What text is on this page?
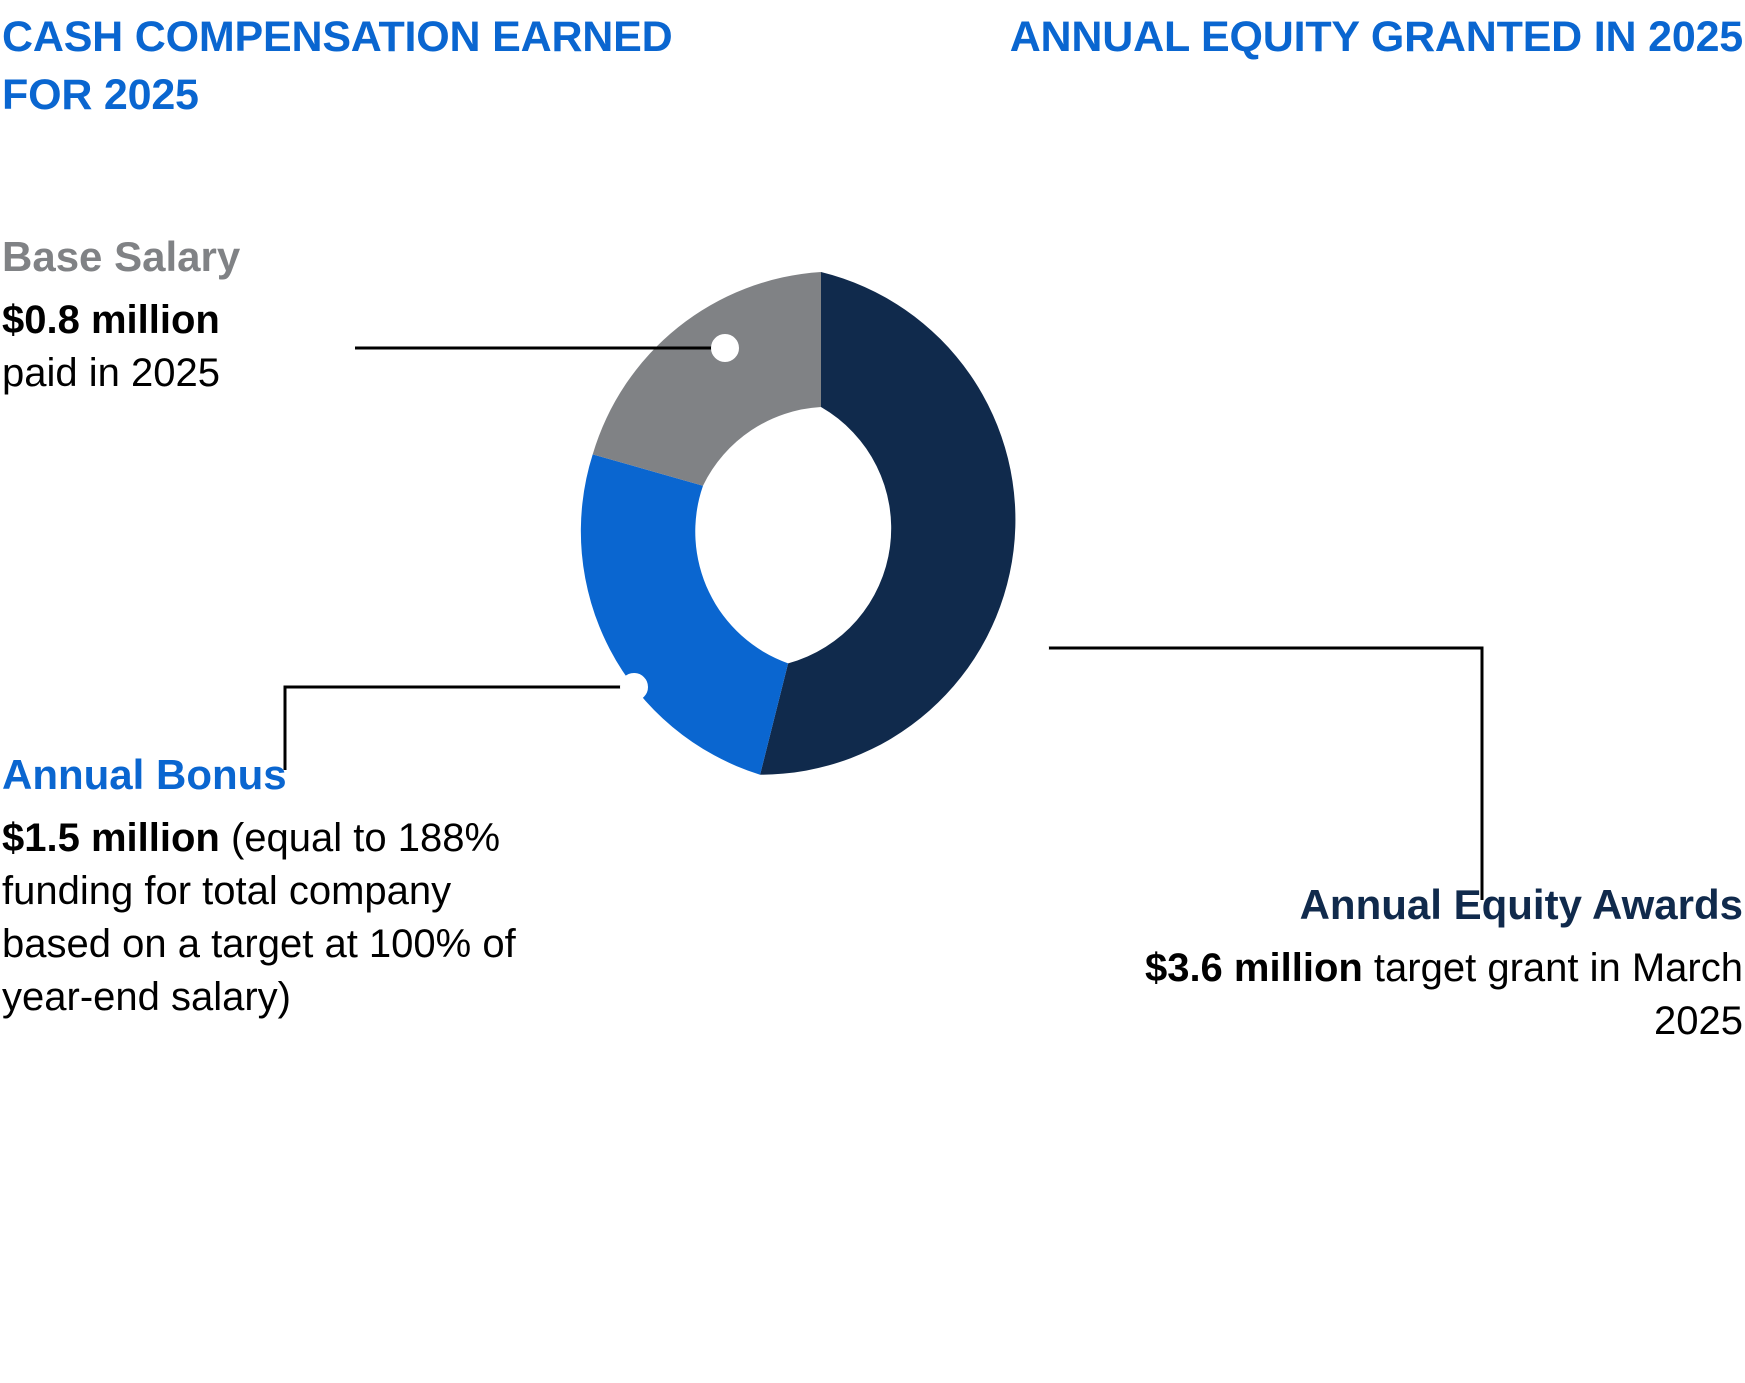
CASH COMPENSATION EARNED FOR 2025
ANNUAL EQUITY GRANTED IN 2025
Base Salary
$0.8 million
paid in 2025
Annual Bonus
$1.5 million (equal to 188% funding for total company based on a target at 100% of year-end salary)
Annual Equity Awards
$3.6 million target grant in March 2025
